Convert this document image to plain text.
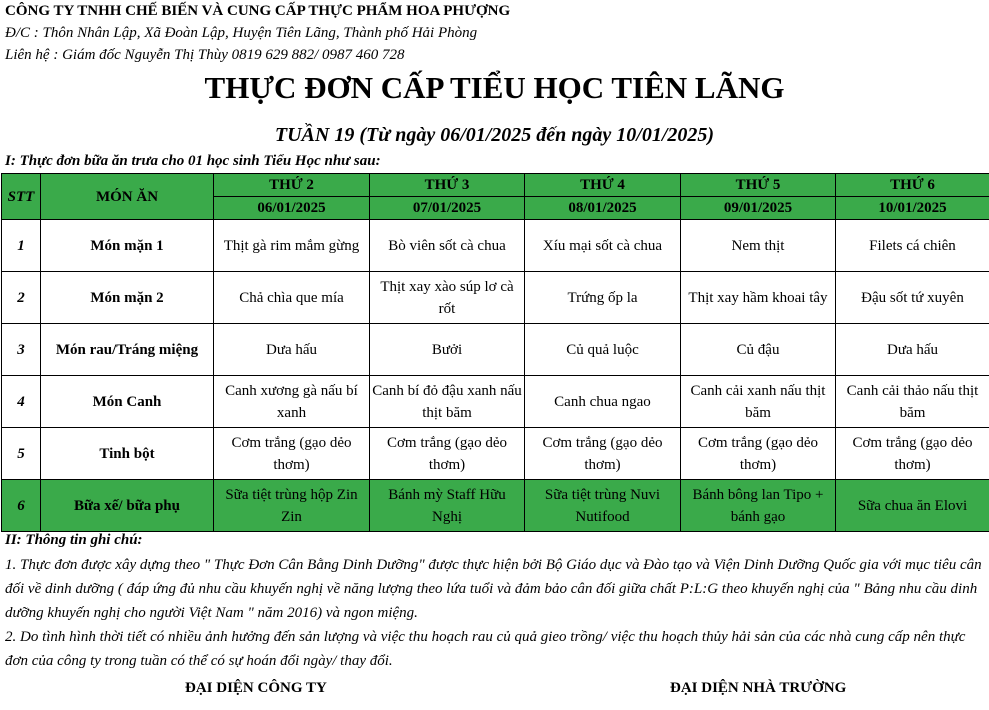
CÔNG TY TNHH CHẾ BIẾN VÀ CUNG CẤP THỰC PHẨM HOA PHƯỢNG
Đ/C : Thôn Nhân Lập, Xã Đoàn Lập, Huyện Tiên Lãng, Thành phố Hải Phòng
Liên hệ : Giám đốc Nguyễn Thị Thùy 0819 629 882/ 0987 460 728
THỰC ĐƠN CẤP TIỂU HỌC TIÊN LÃNG
TUẦN 19 (Từ ngày 06/01/2025 đến ngày 10/01/2025)
I: Thực đơn bữa ăn trưa cho 01 học sinh Tiểu Học như sau:
STT	MÓN ĂN	THỨ 2	THỨ 3	THỨ 4	THỨ 5	THỨ 6
		06/01/2025	07/01/2025	08/01/2025	09/01/2025	10/01/2025
1	Món mặn 1	Thịt gà rim mắm gừng	Bò viên sốt cà chua	Xíu mại sốt cà chua	Nem thịt	Filets cá chiên
2	Món mặn 2	Chả chìa que mía	Thịt xay xào súp lơ cà rốt	Trứng ốp la	Thịt xay hầm khoai tây	Đậu sốt tứ xuyên
3	Món rau/Tráng miệng	Dưa hấu	Bưởi	Củ quả luộc	Củ đậu	Dưa hấu
4	Món Canh	Canh xương gà nấu bí xanh	Canh bí đỏ đậu xanh nấu thịt băm	Canh chua ngao	Canh cải xanh nấu thịt băm	Canh cải thảo nấu thịt băm
5	Tinh bột	Cơm trắng (gạo dẻo thơm)	Cơm trắng (gạo dẻo thơm)	Cơm trắng (gạo dẻo thơm)	Cơm trắng (gạo dẻo thơm)	Cơm trắng (gạo dẻo thơm)
6	Bữa xế/ bữa phụ	Sữa tiệt trùng hộp Zin Zin	Bánh mỳ Staff Hữu Nghị	Sữa tiệt trùng Nuvi Nutifood	Bánh bông lan Tipo + bánh gạo	Sữa chua ăn Elovi
II: Thông tin ghi chú:

1. Thực đơn được xây dựng theo " Thực Đơn Cân Bằng Dinh Dưỡng" được thực hiện bởi Bộ Giáo dục và Đào tạo và Viện Dinh Dưỡng Quốc gia với mục tiêu cân đối về dinh dưỡng ( đáp ứng đủ nhu cầu khuyến nghị về năng lượng theo lứa tuổi và đảm bảo cân đối giữa chất P:L:G theo khuyến nghị của " Bảng nhu cầu dinh dưỡng khuyến nghị cho người Việt Nam " năm 2016) và ngon miệng.

2. Do tình hình thời tiết có nhiều ảnh hưởng đến sản lượng và việc thu hoạch rau củ quả gieo trồng/ việc thu hoạch thủy hải sản của các nhà cung cấp nên thực đơn của công ty trong tuần có thể có sự hoán đổi ngày/ thay đổi.

ĐẠI DIỆN CÔNG TY	ĐẠI DIỆN NHÀ TRƯỜNG
